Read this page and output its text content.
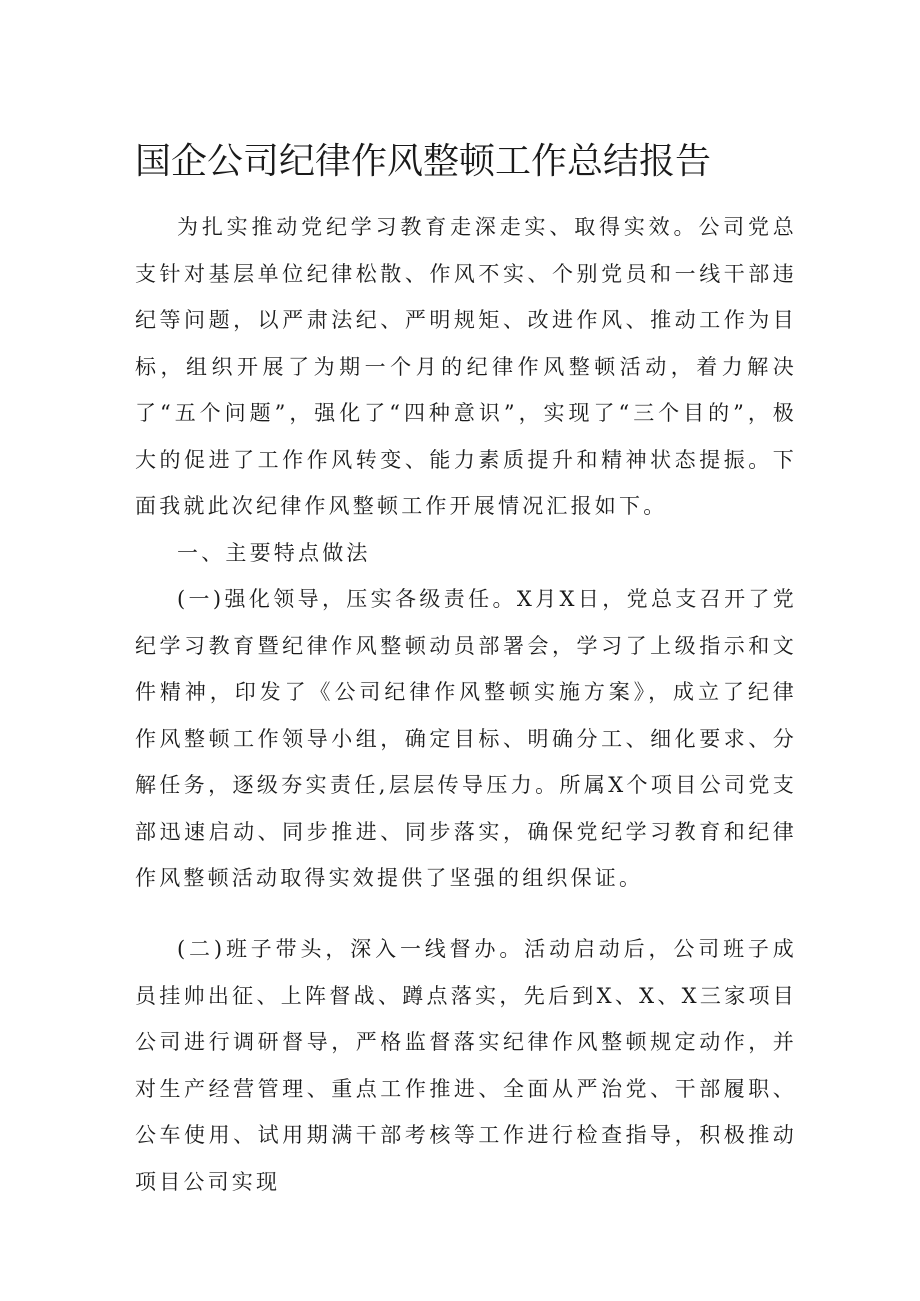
国企公司纪律作风整顿工作总结报告

为扎实推动党纪学习教育走深走实、取得实效。公司党总支针对基层单位纪律松散、作风不实、个别党员和一线干部违纪等问题，以严肃法纪、严明规矩、改进作风、推动工作为目标，组织开展了为期一个月的纪律作风整顿活动，着力解决了“五个问题”，强化了“四种意识”，实现了“三个目的”，极大的促进了工作作风转变、能力素质提升和精神状态提振。下面我就此次纪律作风整顿工作开展情况汇报如下。

一、主要特点做法

(一)强化领导，压实各级责任。X月X日，党总支召开了党纪学习教育暨纪律作风整顿动员部署会，学习了上级指示和文件精神，印发了《公司纪律作风整顿实施方案》，成立了纪律作风整顿工作领导小组，确定目标、明确分工、细化要求、分解任务，逐级夯实责任,层层传导压力。所属X个项目公司党支部迅速启动、同步推进、同步落实，确保党纪学习教育和纪律作风整顿活动取得实效提供了坚强的组织保证。

(二)班子带头，深入一线督办。活动启动后，公司班子成员挂帅出征、上阵督战、蹲点落实，先后到X、X、X三家项目公司进行调研督导，严格监督落实纪律作风整顿规定动作，并对生产经营管理、重点工作推进、全面从严治党、干部履职、公车使用、试用期满干部考核等工作进行检查指导，积极推动项目公司实现
